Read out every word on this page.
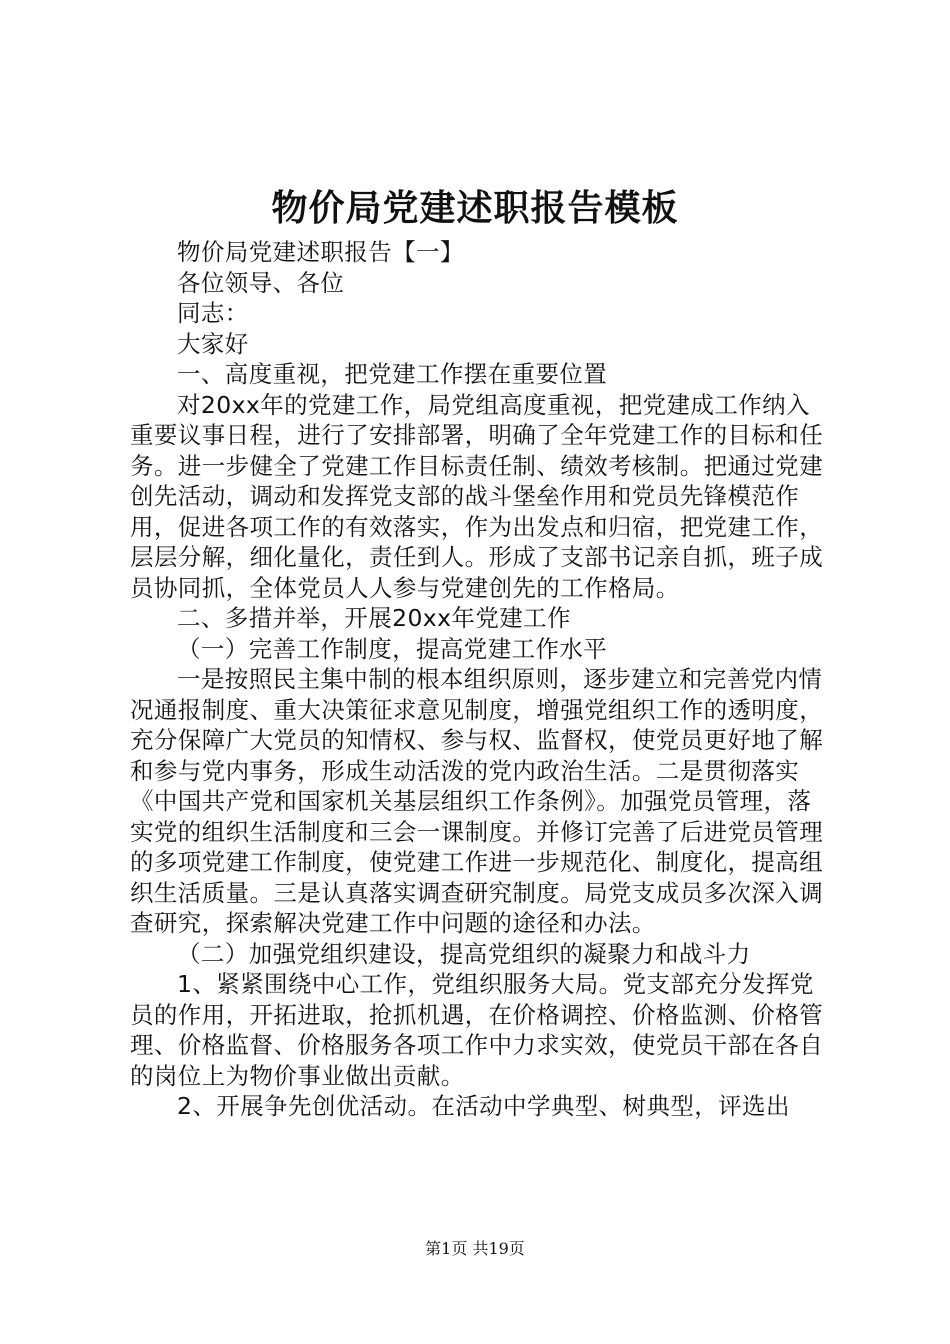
物价局党建述职报告模板

物价局党建述职报告【一】

各位领导、各位

同志：

大家好

一、高度重视，把党建工作摆在重要位置

对20xx年的党建工作，局党组高度重视，把党建成工作纳入重要议事日程，进行了安排部署，明确了全年党建工作的目标和任务。进一步健全了党建工作目标责任制、绩效考核制。把通过党建创先活动，调动和发挥党支部的战斗堡垒作用和党员先锋模范作用，促进各项工作的有效落实，作为出发点和归宿，把党建工作，层层分解，细化量化，责任到人。形成了支部书记亲自抓，班子成员协同抓，全体党员人人参与党建创先的工作格局。

二、多措并举，开展20xx年党建工作

（一）完善工作制度，提高党建工作水平

一是按照民主集中制的根本组织原则，逐步建立和完善党内情况通报制度、重大决策征求意见制度，增强党组织工作的透明度，充分保障广大党员的知情权、参与权、监督权，使党员更好地了解和参与党内事务，形成生动活泼的党内政治生活。二是贯彻落实《中国共产党和国家机关基层组织工作条例》。加强党员管理，落实党的组织生活制度和三会一课制度。并修订完善了后进党员管理的多项党建工作制度，使党建工作进一步规范化、制度化，提高组织生活质量。三是认真落实调查研究制度。局党支成员多次深入调查研究，探索解决党建工作中问题的途径和办法。

（二）加强党组织建设，提高党组织的凝聚力和战斗力

1、紧紧围绕中心工作，党组织服务大局。党支部充分发挥党员的作用，开拓进取，抢抓机遇，在价格调控、价格监测、价格管理、价格监督、价格服务各项工作中力求实效，使党员干部在各自的岗位上为物价事业做出贡献。

2、开展争先创优活动。在活动中学典型、树典型，评选出

第1页 共19页
